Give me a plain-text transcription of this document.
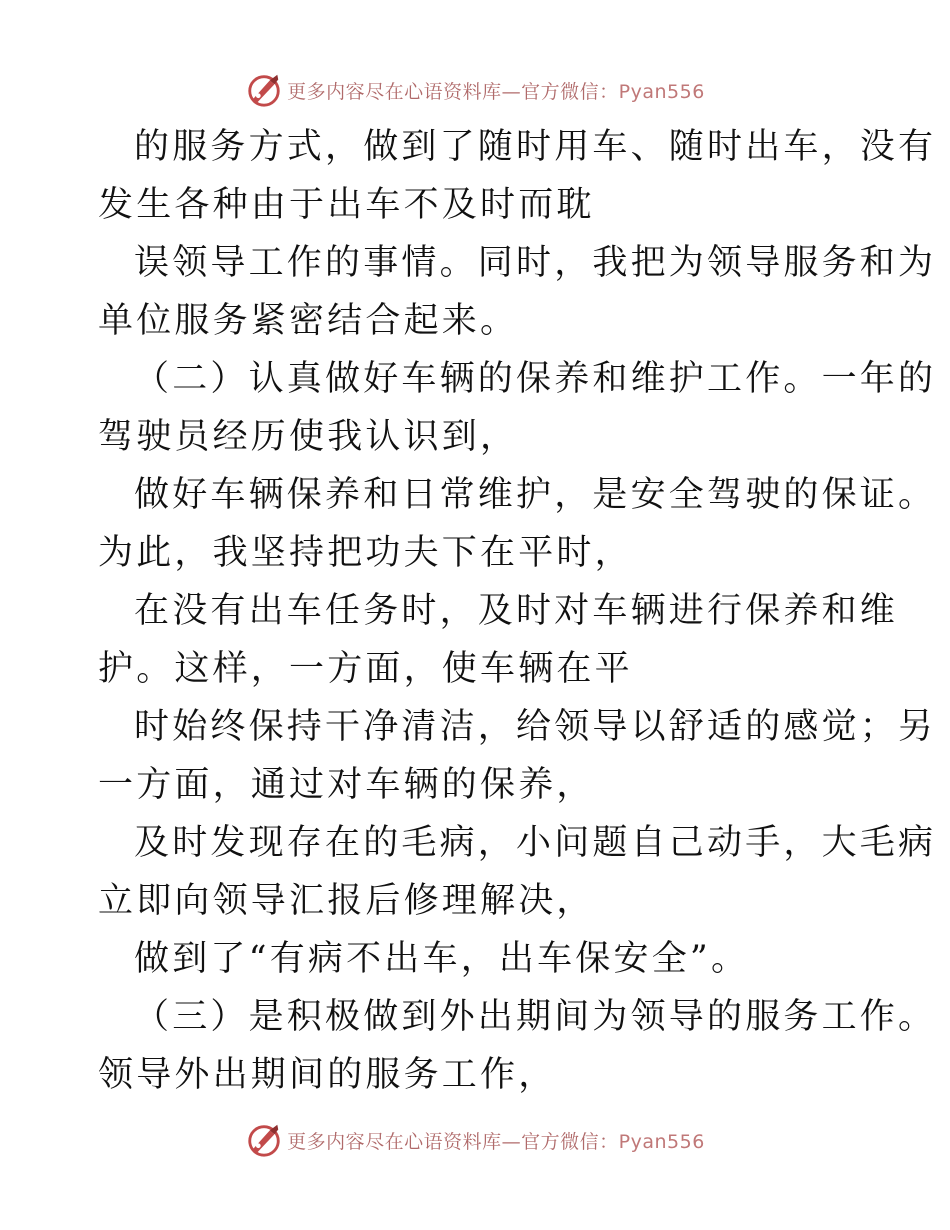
更多内容尽在心语资料库—官方微信：Pyan556
的服务方式，做到了随时用车、随时出车，没有
发生各种由于出车不及时而耽
误领导工作的事情。同时，我把为领导服务和为
单位服务紧密结合起来。
（二）认真做好车辆的保养和维护工作。一年的
驾驶员经历使我认识到，
做好车辆保养和日常维护，是安全驾驶的保证。
为此，我坚持把功夫下在平时，
在没有出车任务时，及时对车辆进行保养和维
护。这样，一方面，使车辆在平
时始终保持干净清洁，给领导以舒适的感觉；另
一方面，通过对车辆的保养，
及时发现存在的毛病，小问题自己动手，大毛病
立即向领导汇报后修理解决，
做到了“有病不出车，出车保安全”。
（三）是积极做到外出期间为领导的服务工作。
领导外出期间的服务工作，
更多内容尽在心语资料库—官方微信：Pyan556
